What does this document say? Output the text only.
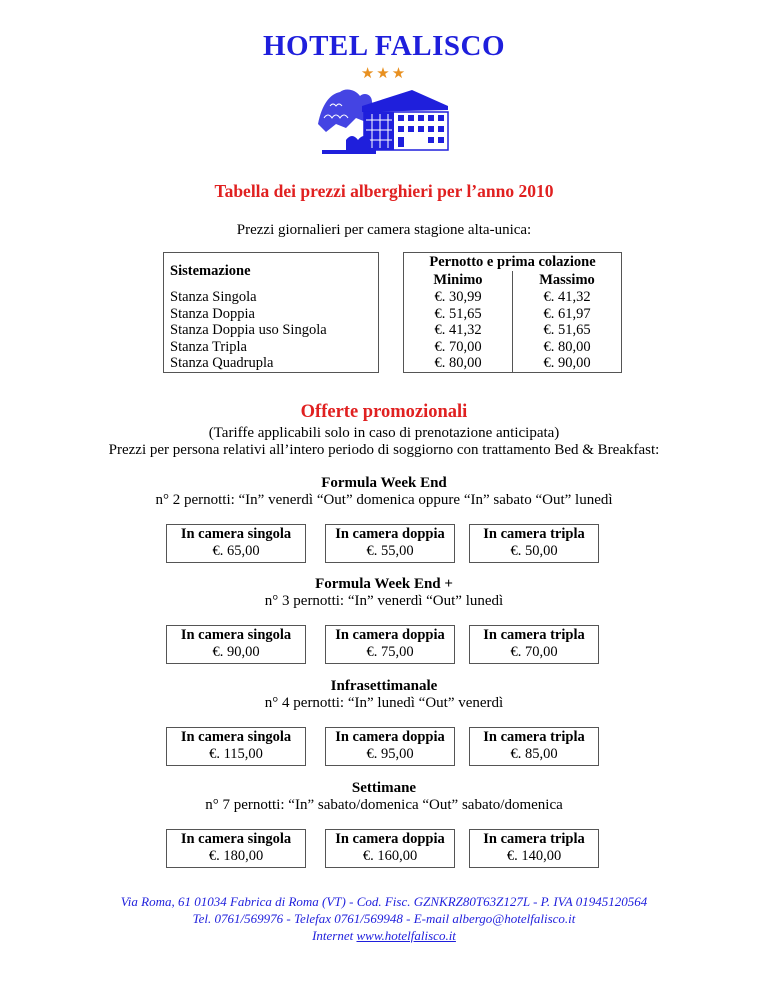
HOTEL FALISCO
★★★
Tabella dei prezzi alberghieri per l’anno 2010
Prezzi giornalieri per camera stagione alta-unica:
Sistemazione		Pernotto e prima colazione	
		Minimo	Massimo
Stanza Singola		€. 30,99	€. 41,32
Stanza Doppia		€. 51,65	€. 61,97
Stanza Doppia uso Singola		€. 41,32	€. 51,65
Stanza Tripla		€. 70,00	€. 80,00
Stanza Quadrupla		€. 80,00	€. 90,00
Offerte promozionali
(Tariffe applicabili solo in caso di prenotazione anticipata)
Prezzi per persona relativi all’intero periodo di soggiorno con trattamento Bed & Breakfast:
Formula Week End
n° 2 pernotti: “In” venerdì “Out” domenica oppure “In” sabato “Out” lunedì
In camera singola
€. 65,00
In camera doppia
€. 55,00
In camera tripla
€. 50,00
Formula Week End +
n° 3 pernotti: “In” venerdì “Out” lunedì
In camera singola
€. 90,00
In camera doppia
€. 75,00
In camera tripla
€. 70,00
Infrasettimanale
n° 4 pernotti: “In” lunedì “Out” venerdì
In camera singola
€. 115,00
In camera doppia
€. 95,00
In camera tripla
€. 85,00
Settimane
n° 7 pernotti: “In” sabato/domenica “Out” sabato/domenica
In camera singola
€. 180,00
In camera doppia
€. 160,00
In camera tripla
€. 140,00
Via Roma, 61 01034 Fabrica di Roma (VT) - Cod. Fisc. GZNKRZ80T63Z127L - P. IVA 01945120564
Tel. 0761/569976 - Telefax 0761/569948 - E-mail albergo@hotelfalisco.it
Internet www.hotelfalisco.it
